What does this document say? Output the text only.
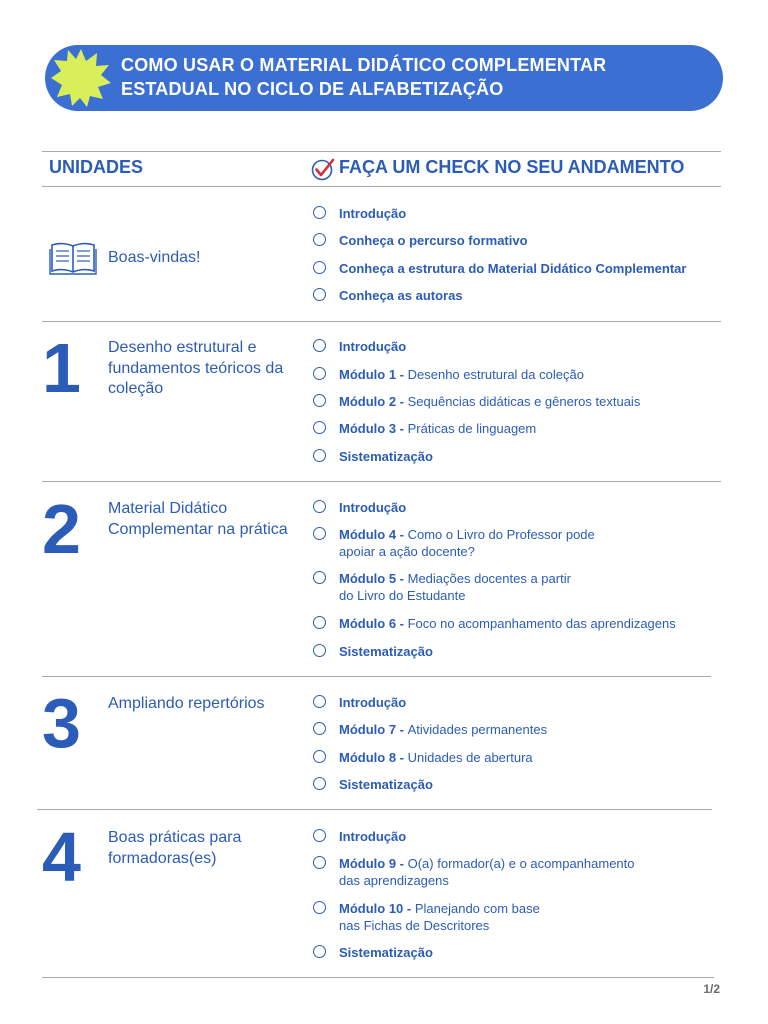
COMO USAR O MATERIAL DIDÁTICO COMPLEMENTAR
ESTADUAL NO CICLO DE ALFABETIZAÇÃO
UNIDADES	FAÇA UM CHECK NO SEU ANDAMENTO
Boas-vindas!
Introdução
Conheça o percurso formativo
Conheça a estrutura do Material Didático Complementar
Conheça as autoras
1 Desenho estrutural e fundamentos teóricos da coleção
Introdução
Módulo 1 - Desenho estrutural da coleção
Módulo 2 - Sequências didáticas e gêneros textuais
Módulo 3 - Práticas de linguagem
Sistematização
2 Material Didático Complementar na prática
Introdução
Módulo 4 - Como o Livro do Professor pode
apoiar a ação docente?
Módulo 5 - Mediações docentes a partir
do Livro do Estudante
Módulo 6 - Foco no acompanhamento das aprendizagens
Sistematização
3 Ampliando repertórios	Introdução
Módulo 7 - Atividades permanentes
Módulo 8 - Unidades de abertura
Sistematização
4 Boas práticas para formadoras(es)
Introdução
Módulo 9 - O(a) formador(a) e o acompanhamento
das aprendizagens
Módulo 10 - Planejando com base
nas Fichas de Descritores
Sistematização
1/2
